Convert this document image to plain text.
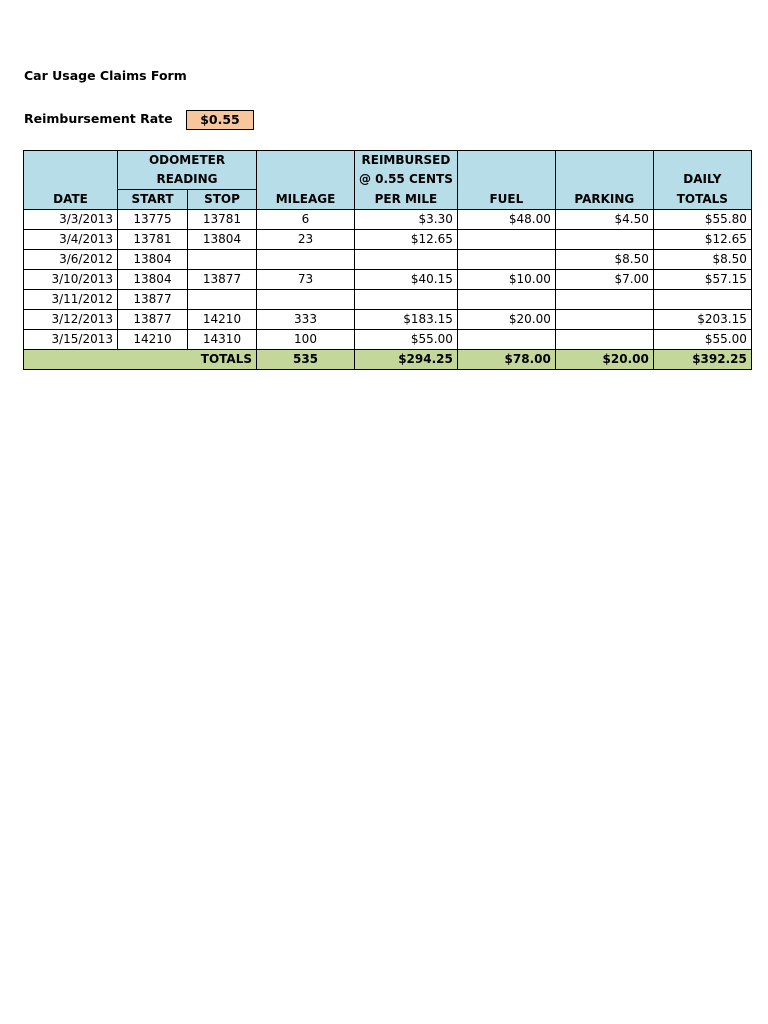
Car Usage Claims Form
Reimbursement Rate	$0.55
	ODOMETER			REIMBURSED			
	READING			@ 0.55 CENTS			DAILY
DATE	START	STOP	MILEAGE	PER MILE	FUEL	PARKING	TOTALS
3/3/2013	13775	13781	6	$3.30	$48.00	$4.50	$55.80
3/4/2013	13781	13804	23	$12.65			$12.65
3/6/2012	13804					$8.50	$8.50
3/10/2013	13804	13877	73	$40.15	$10.00	$7.00	$57.15
3/11/2012	13877						
3/12/2013	13877	14210	333	$183.15	$20.00		$203.15
3/15/2013	14210	14310	100	$55.00			$55.00
TOTALS			535	$294.25	$78.00	$20.00	$392.25
